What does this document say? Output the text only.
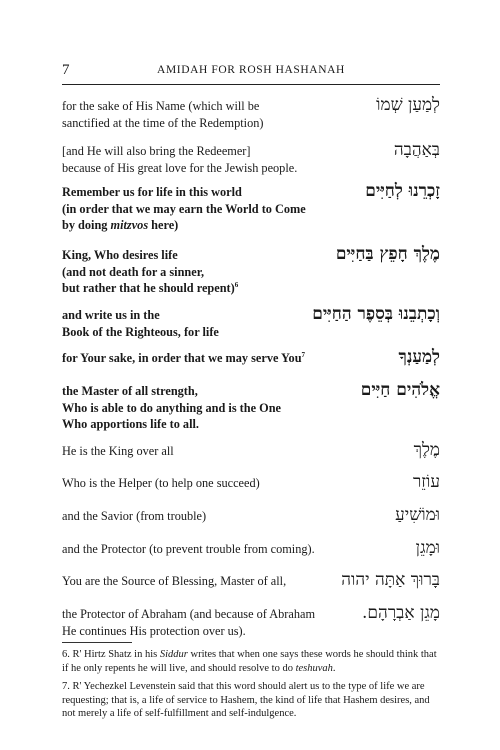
7	AMIDAH FOR ROSH HASHANAH
for the sake of His Name (which will be
sanctified at the time of the Redemption)
לְמַעַן שְׁמוֹ
[and He will also bring the Redeemer]
because of His great love for the Jewish people.
בְּאַהֲבָה
Remember us for life in this world
(in order that we may earn the World to Come
by doing mitzvos here)
זָכְרֵנוּ לְחַיִּים
King, Who desires life
(and not death for a sinner,
but rather that he should repent)$^6$
מֶלֶךְ חָפֵץ בַּחַיִּים
and write us in the
Book of the Righteous, for life
וְכָתְבֵנוּ בְּסֵפֶר הַחַיִּים
for Your sake, in order that we may serve You$^7$	לְמַעַנְךָ
the Master of all strength,
Who is able to do anything and is the One
Who apportions life to all.
אֱלֹהִים חַיִּים
He is the King over all	מֶלֶךְ
Who is the Helper (to help one succeed)	עוֹזֵר
and the Savior (from trouble)	וּמוֹשִׁיעַ
and the Protector (to prevent trouble from coming).	וּמָגֵן
You are the Source of Blessing, Master of all,	בָּרוּךְ אַתָּה יהוה
the Protector of Abraham (and because of Abraham
He continues His protection over us).
מָגֵן אַבְרָהָם.
6. R' Hirtz Shatz in his Siddur writes that when one says these words he should think that if he only repents he will live, and should resolve to do teshuvah.
7. R' Yechezkel Levenstein said that this word should alert us to the type of life we are requesting; that is, a life of service to Hashem, the kind of life that Hashem desires, and not merely a life of self-fulfillment and self-indulgence.
